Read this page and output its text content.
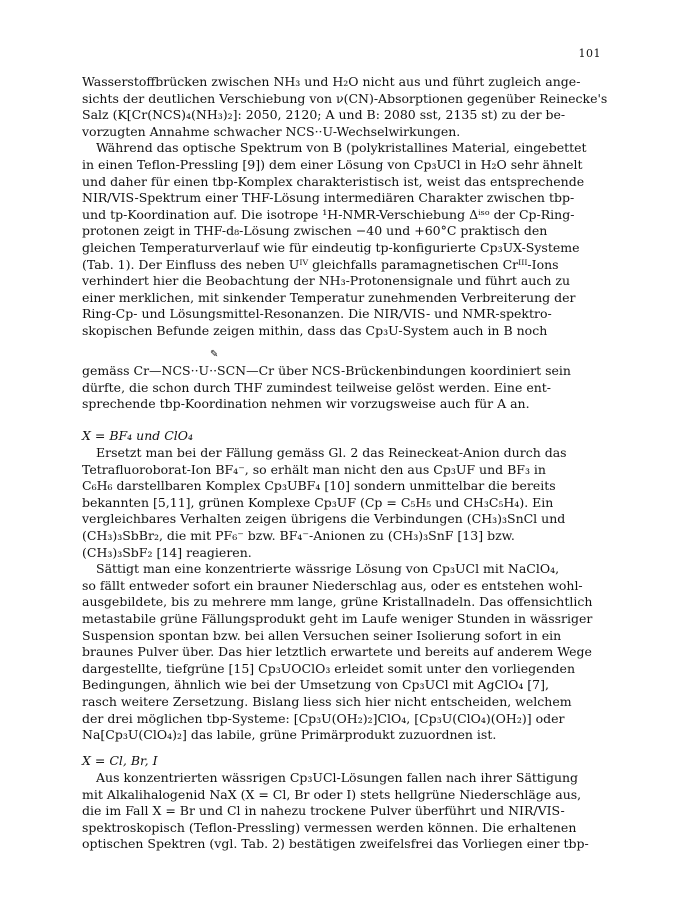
101
Wasserstoffbrücken zwischen NH₃ und H₂O nicht aus und führt zugleich ange-
sichts der deutlichen Verschiebung von ν(CN)-Absorptionen gegenüber Reinecke's
Salz (K[Cr(NCS)₄(NH₃)₂]: 2050, 2120; A und B: 2080 sst, 2135 st) zu der be-
vorzugten Annahme schwacher NCS··U-Wechselwirkungen.
Während das optische Spektrum von B (polykristallines Material, eingebettet
in einen Teflon-Pressling [9]) dem einer Lösung von Cp₃UCl in H₂O sehr ähnelt
und daher für einen tbp-Komplex charakteristisch ist, weist das entsprechende
NIR/VIS-Spektrum einer THF-Lösung intermediären Charakter zwischen tbp-
und tp-Koordination auf. Die isotrope ¹H-NMR-Verschiebung Δⁱˢᵒ der Cp-Ring-
protonen zeigt in THF-d₈-Lösung zwischen −40 und +60°C praktisch den
gleichen Temperaturverlauf wie für eindeutig tp-konfigurierte Cp₃UX-Systeme
(Tab. 1). Der Einfluss des neben Uᴵⱽ gleichfalls paramagnetischen Crᴵᴵᴵ-Ions
verhindert hier die Beobachtung der NH₃-Protonensignale und führt auch zu
einer merklichen, mit sinkender Temperatur zunehmenden Verbreiterung der
Ring-Cp- und Lösungsmittel-Resonanzen. Die NIR/VIS- und NMR-spektro-
skopischen Befunde zeigen mithin, dass das Cp₃U-System auch in B noch
✎
gemäss Cr—NCS··U··SCN—Cr über NCS-Brückenbindungen koordiniert sein
dürfte, die schon durch THF zumindest teilweise gelöst werden. Eine ent-
sprechende tbp-Koordination nehmen wir vorzugsweise auch für A an.
X = BF₄ und ClO₄
Ersetzt man bei der Fällung gemäss Gl. 2 das Reineckeat-Anion durch das
Tetrafluoroborat-Ion BF₄⁻, so erhält man nicht den aus Cp₃UF und BF₃ in
C₆H₆ darstellbaren Komplex Cp₃UBF₄ [10] sondern unmittelbar die bereits
bekannten [5,11], grünen Komplexe Cp₃UF (Cp = C₅H₅ und CH₃C₅H₄). Ein
vergleichbares Verhalten zeigen übrigens die Verbindungen (CH₃)₃SnCl und
(CH₃)₃SbBr₂, die mit PF₆⁻ bzw. BF₄⁻-Anionen zu (CH₃)₃SnF [13] bzw.
(CH₃)₃SbF₂ [14] reagieren.
Sättigt man eine konzentrierte wässrige Lösung von Cp₃UCl mit NaClO₄,
so fällt entweder sofort ein brauner Niederschlag aus, oder es entstehen wohl-
ausgebildete, bis zu mehrere mm lange, grüne Kristallnadeln. Das offensichtlich
metastabile grüne Fällungsprodukt geht im Laufe weniger Stunden in wässriger
Suspension spontan bzw. bei allen Versuchen seiner Isolierung sofort in ein
braunes Pulver über. Das hier letztlich erwartete und bereits auf anderem Wege
dargestellte, tiefgrüne [15] Cp₃UOClO₃ erleidet somit unter den vorliegenden
Bedingungen, ähnlich wie bei der Umsetzung von Cp₃UCl mit AgClO₄ [7],
rasch weitere Zersetzung. Bislang liess sich hier nicht entscheiden, welchem
der drei möglichen tbp-Systeme: [Cp₃U(OH₂)₂]ClO₄, [Cp₃U(ClO₄)(OH₂)] oder
Na[Cp₃U(ClO₄)₂] das labile, grüne Primärprodukt zuzuordnen ist.
X = Cl, Br, I
Aus konzentrierten wässrigen Cp₃UCl-Lösungen fallen nach ihrer Sättigung
mit Alkalihalogenid NaX (X = Cl, Br oder I) stets hellgrüne Niederschläge aus,
die im Fall X = Br und Cl in nahezu trockene Pulver überführt und NIR/VIS-
spektroskopisch (Teflon-Pressling) vermessen werden können. Die erhaltenen
optischen Spektren (vgl. Tab. 2) bestätigen zweifelsfrei das Vorliegen einer tbp-
